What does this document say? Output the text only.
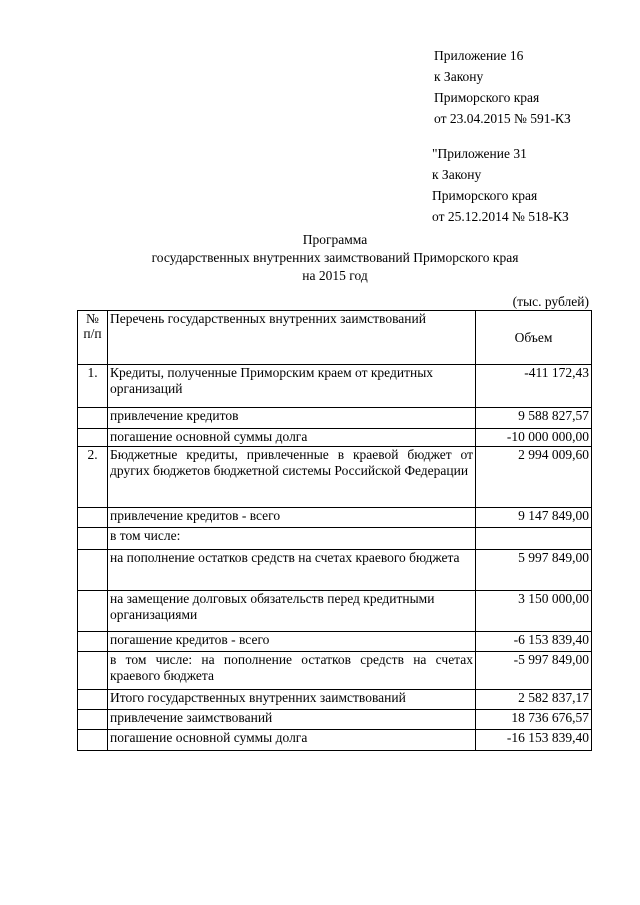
Приложение 16
к Закону
Приморского края
от 23.04.2015 № 591-КЗ
"Приложение 31
к Закону
Приморского края
от 25.12.2014 № 518-КЗ
Программа
государственных внутренних заимствований Приморского края
на 2015 год
(тыс. рублей)
№
п/п	Перечень государственных внутренних заимствований	Объем
1.	Кредиты, полученные Приморским краем от кредитных организаций	-411 172,43
	привлечение кредитов	9 588 827,57
	погашение основной суммы долга	-10 000 000,00
2.	Бюджетные кредиты, привлеченные в краевой бюджет от других бюджетов бюджетной системы Российской Федерации	2 994 009,60
	привлечение кредитов - всего	9 147 849,00
	в том числе:	
	на пополнение остатков средств на счетах краевого бюджета	5 997 849,00
	на замещение долговых обязательств перед кредитными организациями	3 150 000,00
	погашение кредитов - всего	-6 153 839,40
	в том числе: на пополнение остатков средств на счетах краевого бюджета	-5 997 849,00
	Итого государственных внутренних заимствований	2 582 837,17
	привлечение заимствований	18 736 676,57
	погашение основной суммы долга	-16 153 839,40
